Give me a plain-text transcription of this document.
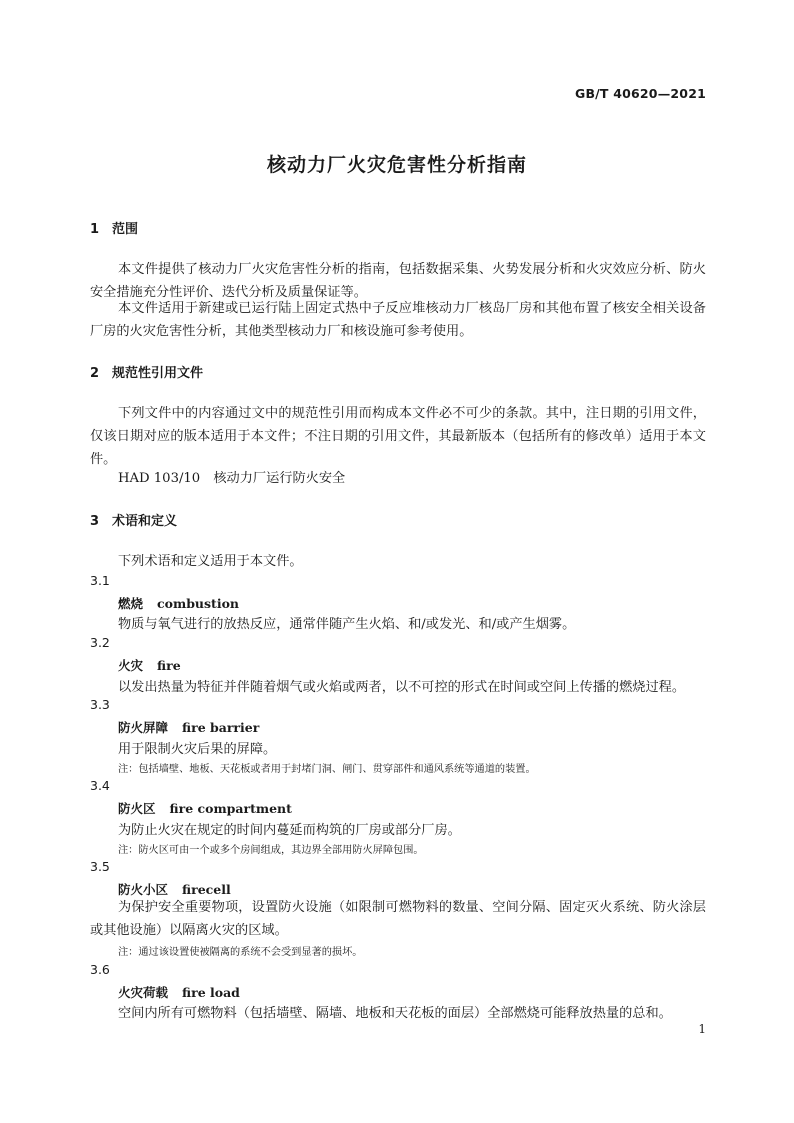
GB/T 40620—2021
核动力厂火灾危害性分析指南
1 范围
本文件提供了核动力厂火灾危害性分析的指南，包括数据采集、火势发展分析和火灾效应分析、防火安全措施充分性评价、迭代分析及质量保证等。
本文件适用于新建或已运行陆上固定式热中子反应堆核动力厂核岛厂房和其他布置了核安全相关设备厂房的火灾危害性分析，其他类型核动力厂和核设施可参考使用。
2 规范性引用文件
下列文件中的内容通过文中的规范性引用而构成本文件必不可少的条款。其中，注日期的引用文件，仅该日期对应的版本适用于本文件；不注日期的引用文件，其最新版本（包括所有的修改单）适用于本文件。
HAD 103/10　核动力厂运行防火安全
3 术语和定义
下列术语和定义适用于本文件。
3.1
燃烧 combustion
物质与氧气进行的放热反应，通常伴随产生火焰、和/或发光、和/或产生烟雾。
3.2
火灾 fire
以发出热量为特征并伴随着烟气或火焰或两者，以不可控的形式在时间或空间上传播的燃烧过程。
3.3
防火屏障 fire barrier
用于限制火灾后果的屏障。
注：包括墙壁、地板、天花板或者用于封堵门洞、闸门、贯穿部件和通风系统等通道的装置。
3.4
防火区 fire compartment
为防止火灾在规定的时间内蔓延而构筑的厂房或部分厂房。
注：防火区可由一个或多个房间组成，其边界全部用防火屏障包围。
3.5
防火小区 firecell
为保护安全重要物项，设置防火设施（如限制可燃物料的数量、空间分隔、固定灭火系统、防火涂层或其他设施）以隔离火灾的区域。
注：通过该设置使被隔离的系统不会受到显著的损坏。
3.6
火灾荷载 fire load
空间内所有可燃物料（包括墙壁、隔墙、地板和天花板的面层）全部燃烧可能释放热量的总和。
1
